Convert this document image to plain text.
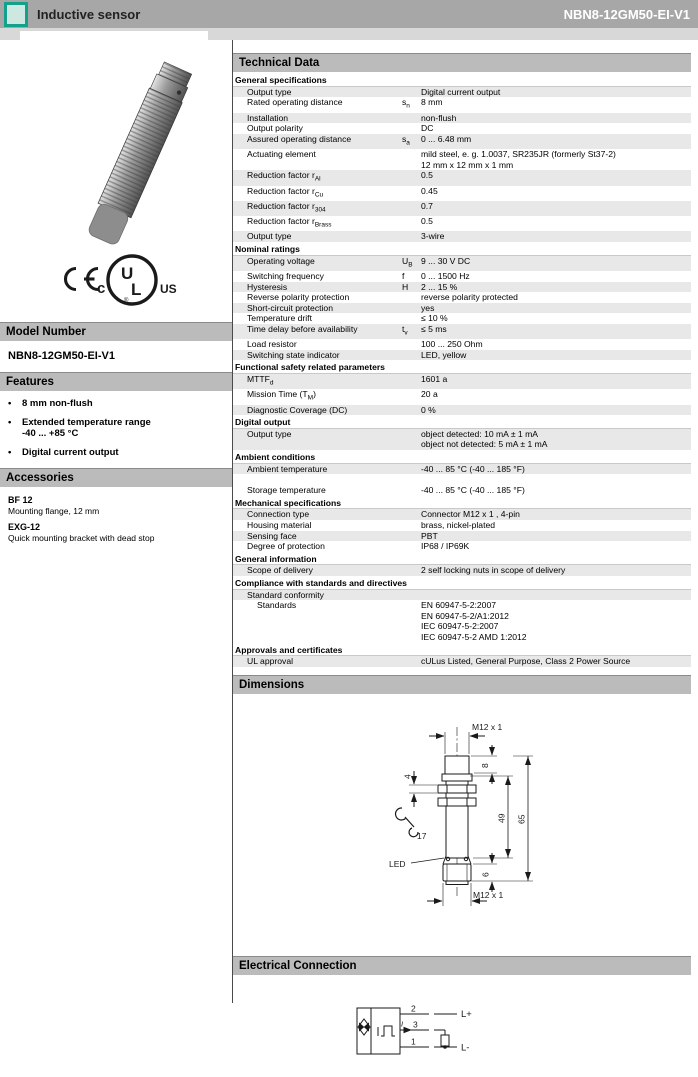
Inductive sensor	NBN8-12GM50-EI-V1
c
U
L
®
US
Model Number
NBN8-12GM50-EI-V1
Features
•	8 mm non-flush
•	Extended temperature range
-40 ... +85 °C
•	Digital current output
Accessories
BF 12
Mounting flange, 12 mm
EXG-12
Quick mounting bracket with dead stop
Technical Data
General specifications
Output type	Digital current output
Rated operating distance	$s_n$	8 mm
Installation	non-flush
Output polarity	DC
Assured operating distance	$s_a$	0 ... 6.48 mm
Actuating element	mild steel, e. g. 1.0037, SR235JR (formerly St37-2)
12 mm x 12 mm x 1 mm
Reduction factor $r_{Al}$	0.5
Reduction factor $r_{Cu}$	0.45
Reduction factor $r_{304}$	0.7
Reduction factor $r_{Brass}$	0.5
Output type	3-wire
Nominal ratings
Operating voltage	$U_B$ 9 ... 30 V DC
Switching frequency	f	0 ... 1500 Hz
Hysteresis	H	2 ... 15 %
Reverse polarity protection	reverse polarity protected
Short-circuit protection	yes
Temperature drift	≤ 10 %
Time delay before availability	$t_v$	≤ 5 ms
Load resistor	100 ... 250 Ohm
Switching state indicator	LED, yellow
Functional safety related parameters
$MTTF_d$	1601 a
Mission Time $(T_M)$	20 a
Diagnostic Coverage (DC)	0 %
Digital output
Output type	object detected: 10 mA ± 1 mA
object not detected: 5 mA ± 1 mA
Ambient conditions
Ambient temperature	-40 ... 85 °C (-40 ... 185 °F)
Storage temperature	-40 ... 85 °C (-40 ... 185 °F)
Mechanical specifications
Connection type	Connector M12 x 1 , 4-pin
Housing material	brass, nickel-plated
Sensing face	PBT
Degree of protection	IP68 / IP69K
General information
Scope of delivery	2 self locking nuts in scope of delivery
Compliance with standards and directives
Standard conformity
Standards	EN 60947-5-2:2007
EN 60947-5-2/A1:2012
IEC 60947-5-2:2007
IEC 60947-5-2 AMD 1:2012
Approvals and certificates
UL approval	cULus Listed, General Purpose, Class 2 Power Source
Dimensions
M12 x 1
8
49 65
4
6
17
LED
M12 x 1
Electrical Connection
2
I 3
1
L+
L-
